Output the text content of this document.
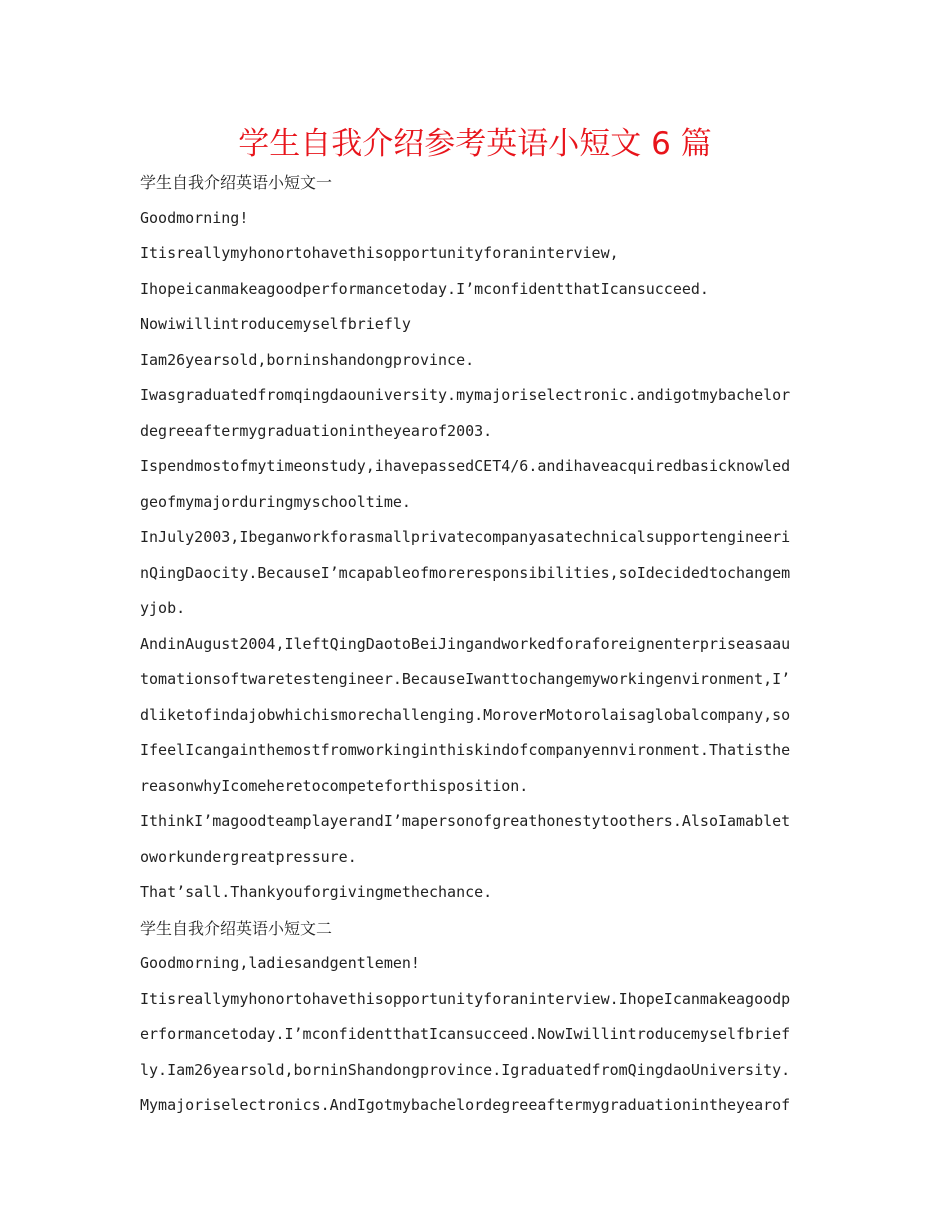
学生自我介绍参考英语小短文 6 篇
学生自我介绍英语小短文一
Goodmorning!
Itisreallymyhonortohavethisopportunityforaninterview,
Ihopeicanmakeagoodperformancetoday.I’mconfidentthatIcansucceed.
Nowiwillintroducemyselfbriefly
Iam26yearsold,borninshandongprovince.
Iwasgraduatedfromqingdaouniversity.mymajoriselectronic.andigotmybachelor
degreeaftermygraduationintheyearof2003.
Ispendmostofmytimeonstudy,ihavepassedCET4/6.andihaveacquiredbasicknowled
geofmymajorduringmyschooltime.
InJuly2003,Ibeganworkforasmallprivatecompanyasatechnicalsupportengineeri
nQingDaocity.BecauseI’mcapableofmoreresponsibilities,soIdecidedtochangem
yjob.
AndinAugust2004,IleftQingDaotoBeiJingandworkedforaforeignenterpriseasaau
tomationsoftwaretestengineer.BecauseIwanttochangemyworkingenvironment,I’
dliketofindajobwhichismorechallenging.MoroverMotorolaisaglobalcompany,so
IfeelIcangainthemostfromworkinginthiskindofcompanyennvironment.Thatisthe
reasonwhyIcomeheretocompeteforthisposition.
IthinkI’magoodteamplayerandI’mapersonofgreathonestytoothers.AlsoIamablet
oworkundergreatpressure.
That’sall.Thankyouforgivingmethechance.
学生自我介绍英语小短文二
Goodmorning,ladiesandgentlemen!
Itisreallymyhonortohavethisopportunityforaninterview.IhopeIcanmakeagoodp
erformancetoday.I’mconfidentthatIcansucceed.NowIwillintroducemyselfbrief
ly.Iam26yearsold,borninShandongprovince.IgraduatedfromQingdaoUniversity.
Mymajoriselectronics.AndIgotmybachelordegreeaftermygraduationintheyearof
